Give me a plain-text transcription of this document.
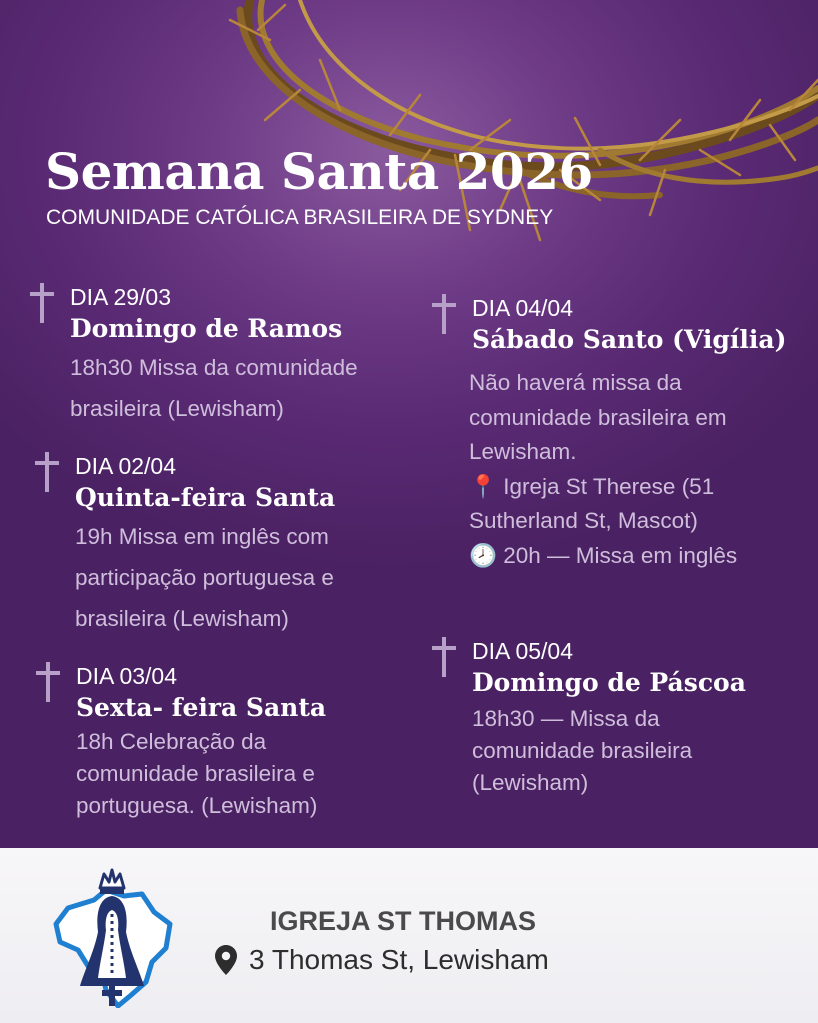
Semana Santa 2026
COMUNIDADE CATÓLICA BRASILEIRA DE SYDNEY
DIA 29/03
Domingo de Ramos
18h30 Missa da comunidade
brasileira (Lewisham)
DIA 02/04
Quinta-feira Santa
19h Missa em inglês com
participação portuguesa e
brasileira (Lewisham)
DIA 03/04
Sexta- feira Santa
18h Celebração da
comunidade brasileira e
portuguesa. (Lewisham)
DIA 04/04
Sábado Santo (Vigília)
Não haverá missa da
comunidade brasileira em
Lewisham.
📍 Igreja St Therese (51
Sutherland St, Mascot)
🕗 20h — Missa em inglês
DIA 05/04
Domingo de Páscoa
18h30 — Missa da
comunidade brasileira
(Lewisham)
IGREJA ST THOMAS
3 Thomas St, Lewisham
